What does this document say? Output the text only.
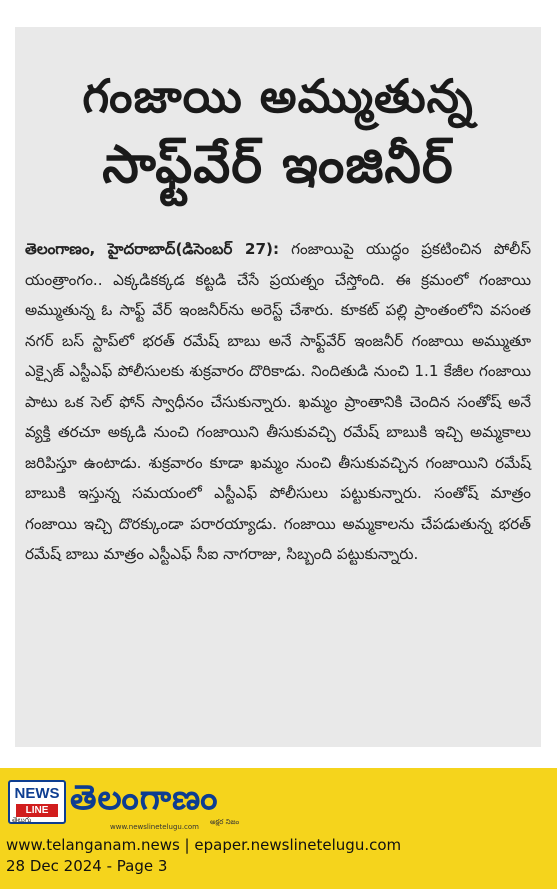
గంజాయి అమ్ముతున్న
సాఫ్ట్‌వేర్ ఇంజినీర్
తెలంగాణం, హైదరాబాద్(డిసెంబర్ 27): గంజాయిపై యుద్ధం ప్రకటించిన పోలీస్ యంత్రాంగం.. ఎక్కడికక్కడ కట్టడి చేసే ప్రయత్నం చేస్తోంది. ఈ క్రమంలో గంజాయి అమ్ముతున్న ఓ సాఫ్ట్ వేర్ ఇంజనీర్‌ను అరెస్ట్ చేశారు. కూకట్ పల్లి ప్రాంతంలోని వసంత నగర్ బస్ స్టాప్‌లో భరత్ రమేష్ బాబు అనే సాఫ్ట్‌వేర్ ఇంజనీర్ గంజాయి అమ్ముతూ ఎక్సైజ్ ఎస్టీఎఫ్ పోలీసులకు శుక్రవారం దొరికాడు. నిందితుడి నుంచి 1.1 కేజీల గంజాయి పాటు ఒక సెల్ ఫోన్ స్వాధీనం చేసుకున్నారు. ఖమ్మం ప్రాంతానికి చెందిన సంతోష్ అనే వ్యక్తి తరచూ అక్కడి నుంచి గంజాయిని తీసుకువచ్చి రమేష్ బాబుకి ఇచ్చి అమ్మకాలు జరిపిస్తూ ఉంటాడు. శుక్రవారం కూడా ఖమ్మం నుంచి తీసుకువచ్చిన గంజాయిని రమేష్ బాబుకి ఇస్తున్న సమయంలో ఎస్టీఎఫ్ పోలీసులు పట్టుకున్నారు. సంతోష్ మాత్రం గంజాయి ఇచ్చి దొరక్కుండా పరారయ్యాడు. గంజాయి అమ్మకాలను చేపడుతున్న భరత్ రమేష్ బాబు మాత్రం ఎస్టీఎఫ్ సీఐ నాగరాజు, సిబ్బంది పట్టుకున్నారు.
NEWS
LINE
తెలుగు
తెలంగాణం
www.newslinetelugu.com
అక్షర నిజం
www.telanganam.news | epaper.newslinetelugu.com
28 Dec 2024 - Page 3
